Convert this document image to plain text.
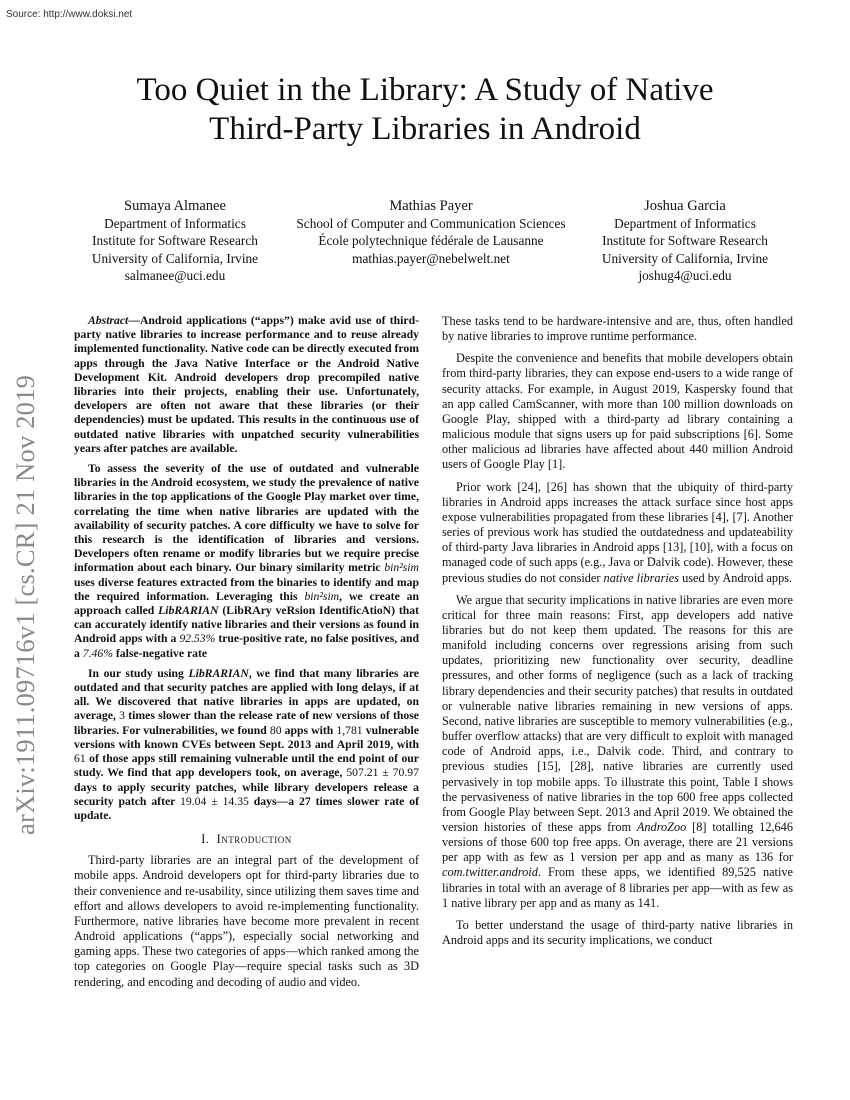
Source: http://www.doksi.net
Too Quiet in the Library: A Study of Native
Third-Party Libraries in Android
Sumaya Almanee
Department of Informatics
Institute for Software Research
University of California, Irvine
salmanee@uci.edu
Mathias Payer
School of Computer and Communication Sciences
École polytechnique fédérale de Lausanne
mathias.payer@nebelwelt.net
Joshua Garcia
Department of Informatics
Institute for Software Research
University of California, Irvine
joshug4@uci.edu
arXiv:1911.09716v1 [cs.CR] 21 Nov 2019

Abstract—Android applications (“apps”) make avid use of third-party native libraries to increase performance and to reuse already implemented functionality. Native code can be directly executed from apps through the Java Native Interface or the Android Native Development Kit. Android developers drop precompiled native libraries into their projects, enabling their use. Unfortunately, developers are often not aware that these libraries (or their dependencies) must be updated. This results in the continuous use of outdated native libraries with unpatched security vulnerabilities years after patches are available.

To assess the severity of the use of outdated and vulnerable libraries in the Android ecosystem, we study the prevalence of native libraries in the top applications of the Google Play market over time, correlating the time when native libraries are updated with the availability of security patches. A core difficulty we have to solve for this research is the identification of libraries and versions. Developers often rename or modify libraries but we require precise information about each binary. Our binary similarity metric bin²sim uses diverse features extracted from the binaries to identify and map the required information. Leveraging this bin²sim, we create an approach called LibRARIAN (LibRAry veRsion IdentificAtioN) that can accurately identify native libraries and their versions as found in Android apps with a 92.53% true-positive rate, no false positives, and a 7.46% false-negative rate

In our study using LibRARIAN, we find that many libraries are outdated and that security patches are applied with long delays, if at all. We discovered that native libraries in apps are updated, on average, 3 times slower than the release rate of new versions of those libraries. For vulnerabilities, we found 80 apps with 1,781 vulnerable versions with known CVEs between Sept. 2013 and April 2019, with 61 of those apps still remaining vulnerable until the end point of our study. We find that app developers took, on average, 507.21 ± 70.97 days to apply security patches, while library developers release a security patch after 19.04 ± 14.35 days—a 27 times slower rate of update.

I. Introduction

Third-party libraries are an integral part of the development of mobile apps. Android developers opt for third-party libraries due to their convenience and re-usability, since utilizing them saves time and effort and allows developers to avoid re-implementing functionality. Furthermore, native libraries have become more prevalent in recent Android applications (“apps”), especially social networking and gaming apps. These two categories of apps—which ranked among the top categories on Google Play—require special tasks such as 3D rendering, and encoding and decoding of audio and video.

These tasks tend to be hardware-intensive and are, thus, often handled by native libraries to improve runtime performance.

Despite the convenience and benefits that mobile developers obtain from third-party libraries, they can expose end-users to a wide range of security attacks. For example, in August 2019, Kaspersky found that an app called CamScanner, with more than 100 million downloads on Google Play, shipped with a third-party ad library containing a malicious module that signs users up for paid subscriptions [6]. Some other malicious ad libraries have affected about 440 million Android users of Google Play [1].

Prior work [24], [26] has shown that the ubiquity of third-party libraries in Android apps increases the attack surface since host apps expose vulnerabilities propagated from these libraries [4], [7]. Another series of previous work has studied the outdatedness and updateability of third-party Java libraries in Android apps [13], [10], with a focus on managed code of such apps (e.g., Java or Dalvik code). However, these previous studies do not consider native libraries used by Android apps.

We argue that security implications in native libraries are even more critical for three main reasons: First, app developers add native libraries but do not keep them updated. The reasons for this are manifold including concerns over regressions arising from such updates, prioritizing new functionality over security, deadline pressures, and other forms of negligence (such as a lack of tracking library dependencies and their security patches) that results in outdated or vulnerable native libraries remaining in new versions of apps. Second, native libraries are susceptible to memory vulnerabilities (e.g., buffer overflow attacks) that are very difficult to exploit with managed code of Android apps, i.e., Dalvik code. Third, and contrary to previous studies [15], [28], native libraries are currently used pervasively in top mobile apps. To illustrate this point, Table I shows the pervasiveness of native libraries in the top 600 free apps collected from Google Play between Sept. 2013 and April 2019. We obtained the version histories of these apps from AndroZoo [8] totalling 12,646 versions of those 600 top free apps. On average, there are 21 versions per app with as few as 1 version per app and as many as 136 for com.twitter.android. From these apps, we identified 89,525 native libraries in total with an average of 8 libraries per app—with as few as 1 native library per app and as many as 141.

To better understand the usage of third-party native libraries in Android apps and its security implications, we conduct
